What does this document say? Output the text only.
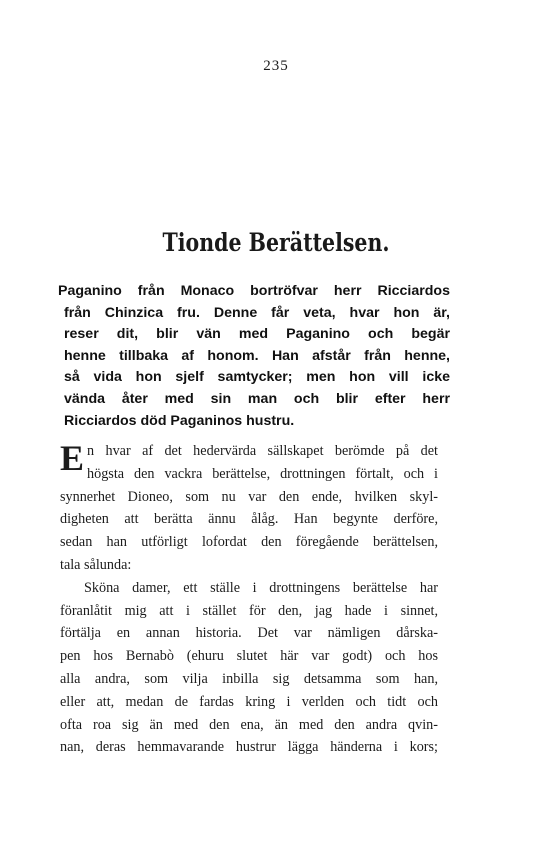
235
Tionde Berättelsen.
Paganino från Monaco bortröfvar herr Ricciardos
från Chinzica fru. Denne får veta, hvar hon är,
reser dit, blir vän med Paganino och begär
henne tillbaka af honom. Han afstår från henne,
så vida hon sjelf samtycker; men hon vill icke
vända åter med sin man och blir efter herr
Ricciardos död Paganinos hustru.
E n hvar af det hedervärda sällskapet berömde på det
högsta den vackra berättelse, drottningen förtalt, och i
synnerhet Dioneo, som nu var den ende, hvilken skyl-
digheten att berätta ännu ålåg. Han begynte derföre,
sedan han utförligt lofordat den föregående berättelsen,
tala sålunda:
Sköna damer, ett ställe i drottningens berättelse har
föranlåtit mig att i stället för den, jag hade i sinnet,
förtälja en annan historia. Det var nämligen dårska-
pen hos Bernabò (ehuru slutet här var godt) och hos
alla andra, som vilja inbilla sig detsamma som han,
eller att, medan de fardas kring i verlden och tidt och
ofta roa sig än med den ena, än med den andra qvin-
nan, deras hemmavarande hustrur lägga händerna i kors;
